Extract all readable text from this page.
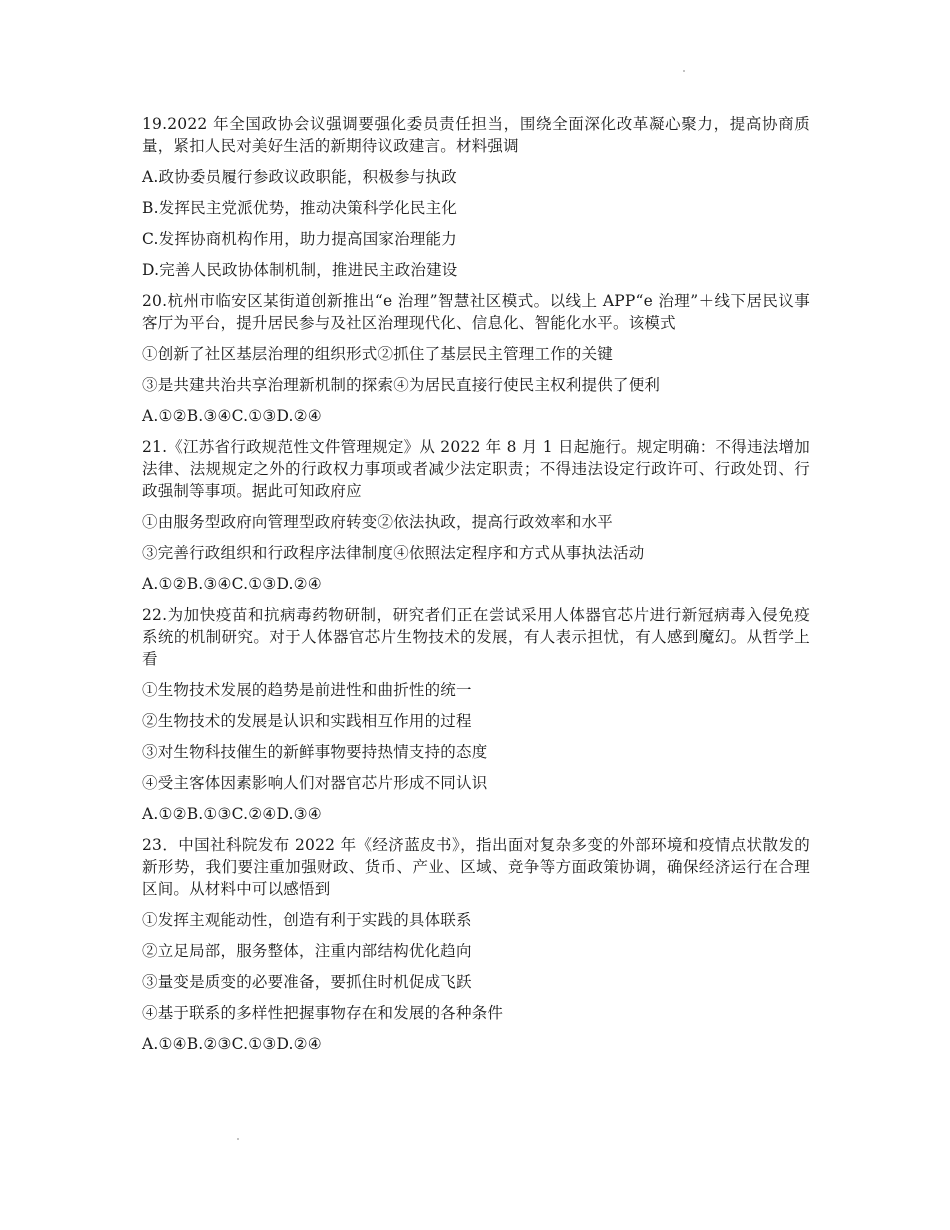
19.2022 年全国政协会议强调要强化委员责任担当，围绕全面深化改革凝心聚力，提高协商质量，紧扣人民对美好生活的新期待议政建言。材料强调

A.政协委员履行参政议政职能，积极参与执政

B.发挥民主党派优势，推动决策科学化民主化

C.发挥协商机构作用，助力提高国家治理能力

D.完善人民政协体制机制，推进民主政治建设

20.杭州市临安区某街道创新推出“e 治理”智慧社区模式。以线上 APP“e 治理”＋线下居民议事客厅为平台，提升居民参与及社区治理现代化、信息化、智能化水平。该模式

①创新了社区基层治理的组织形式②抓住了基层民主管理工作的关键

③是共建共治共享治理新机制的探索④为居民直接行使民主权利提供了便利

A.①②B.③④C.①③D.②④

21.《江苏省行政规范性文件管理规定》从 2022 年 8 月 1 日起施行。规定明确：不得违法增加法律、法规规定之外的行政权力事项或者减少法定职责；不得违法设定行政许可、行政处罚、行政强制等事项。据此可知政府应

①由服务型政府向管理型政府转变②依法执政，提高行政效率和水平

③完善行政组织和行政程序法律制度④依照法定程序和方式从事执法活动

A.①②B.③④C.①③D.②④

22.为加快疫苗和抗病毒药物研制，研究者们正在尝试采用人体器官芯片进行新冠病毒入侵免疫系统的机制研究。对于人体器官芯片生物技术的发展，有人表示担忧，有人感到魔幻。从哲学上看

①生物技术发展的趋势是前进性和曲折性的统一

②生物技术的发展是认识和实践相互作用的过程

③对生物科技催生的新鲜事物要持热情支持的态度

④受主客体因素影响人们对器官芯片形成不同认识

A.①②B.①③C.②④D.③④

23．中国社科院发布 2022 年《经济蓝皮书》，指出面对复杂多变的外部环境和疫情点状散发的新形势，我们要注重加强财政、货币、产业、区域、竞争等方面政策协调，确保经济运行在合理区间。从材料中可以感悟到

①发挥主观能动性，创造有利于实践的具体联系

②立足局部，服务整体，注重内部结构优化趋向

③量变是质变的必要准备，要抓住时机促成飞跃

④基于联系的多样性把握事物存在和发展的各种条件

A.①④B.②③C.①③D.②④
